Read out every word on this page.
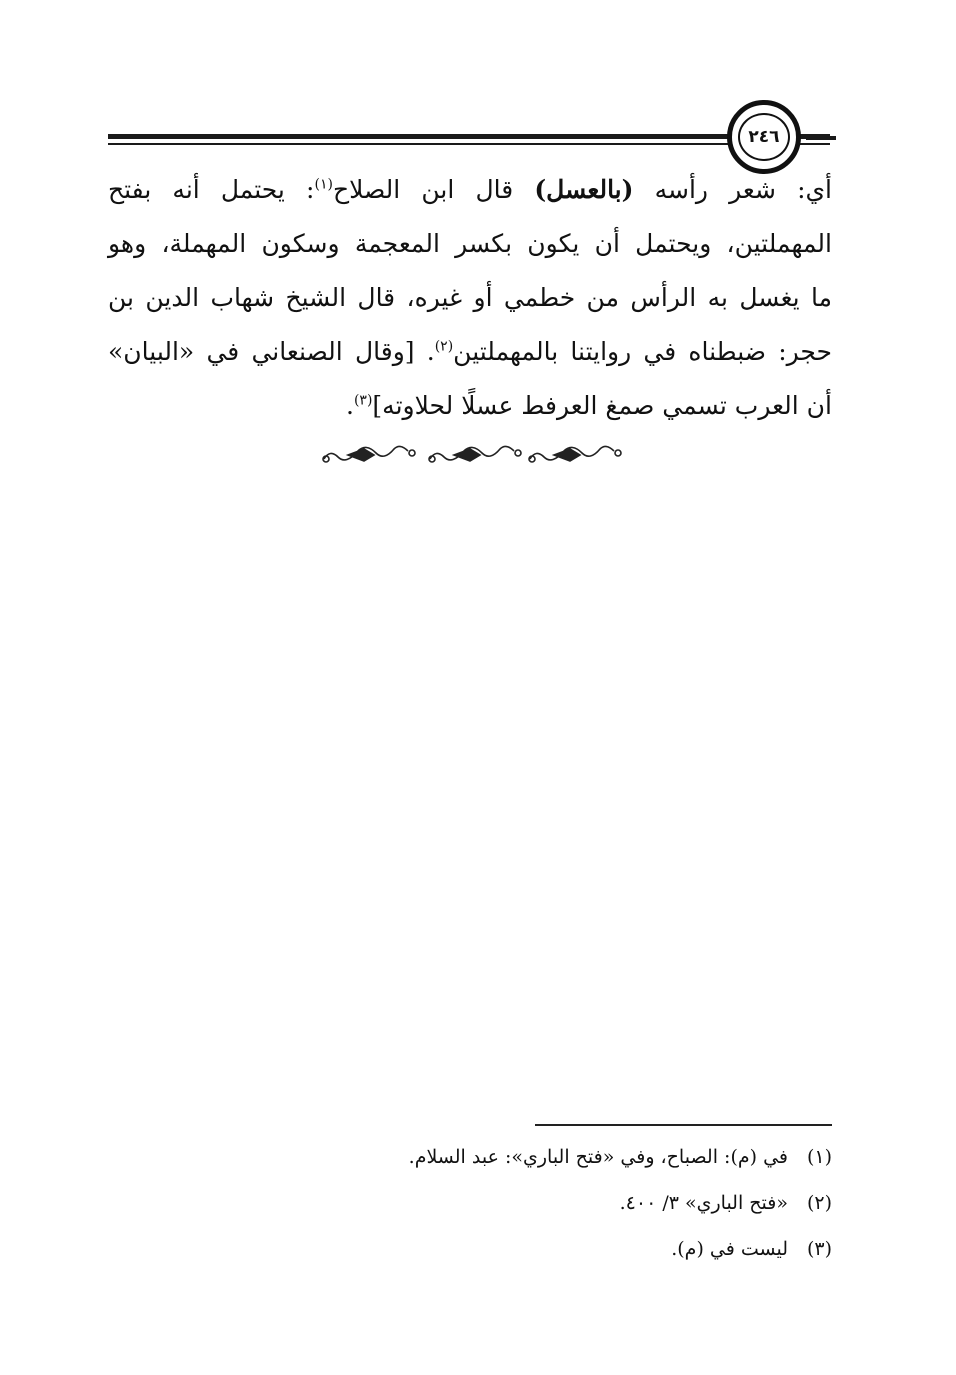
٢٤٦
أي: شعر رأسه (بالعسل) قال ابن الصلاح$^{(١)}$: يحتمل أنه بفتح
المهملتين، ويحتمل أن يكون بكسر المعجمة وسكون المهملة، وهو
ما يغسل به الرأس من خطمي أو غيره، قال الشيخ شهاب الدين بن
حجر: ضبطناه في روايتنا بالمهملتين$^{(٢)}$. [وقال الصنعاني في «البيان»
أن العرب تسمي صمغ العرفط عسلًا لحلاوته]$^{(٣)}$.
(١)في (م): الصباح، وفي «فتح الباري»: عبد السلام.
(٢)«فتح الباري» ٣/ ٤٠٠.
(٣)ليست في (م).
